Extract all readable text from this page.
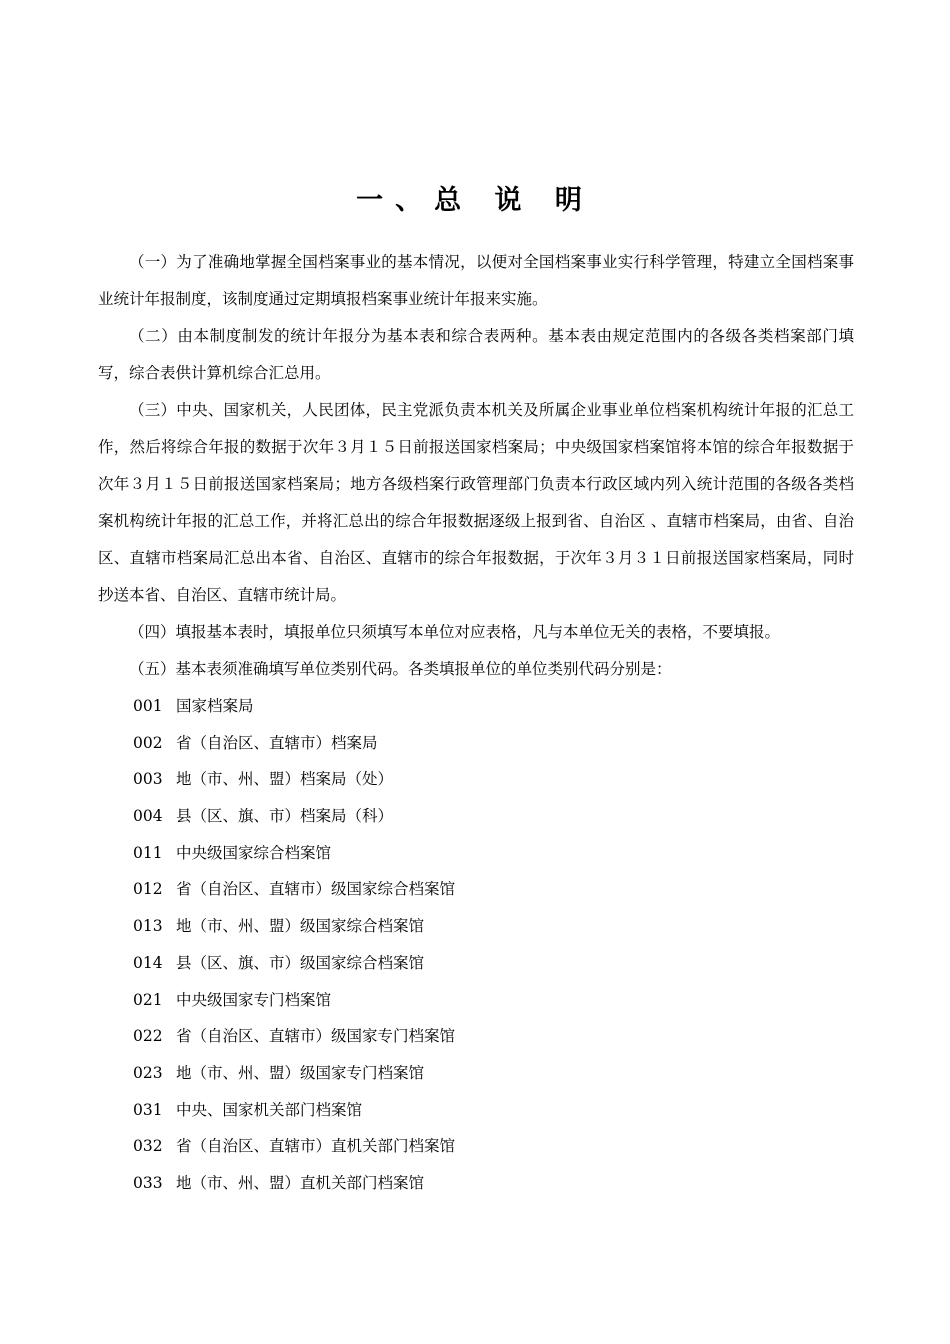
一、总 说 明

（一）为了准确地掌握全国档案事业的基本情况，以便对全国档案事业实行科学管理，特建立全国档案事业统计年报制度，该制度通过定期填报档案事业统计年报来实施。

（二）由本制度制发的统计年报分为基本表和综合表两种。基本表由规定范围内的各级各类档案部门填写，综合表供计算机综合汇总用。

（三）中央、国家机关，人民团体，民主党派负责本机关及所属企业事业单位档案机构统计年报的汇总工作，然后将综合年报的数据于次年３月１５日前报送国家档案局；中央级国家档案馆将本馆的综合年报数据于次年３月１５日前报送国家档案局；地方各级档案行政管理部门负责本行政区域内列入统计范围的各级各类档案机构统计年报的汇总工作，并将汇总出的综合年报数据逐级上报到省、自治区 、直辖市档案局，由省、自治区、直辖市档案局汇总出本省、自治区、直辖市的综合年报数据，于次年３月３１日前报送国家档案局，同时抄送本省、自治区、直辖市统计局。

（四）填报基本表时，填报单位只须填写本单位对应表格，凡与本单位无关的表格，不要填报。

（五）基本表须准确填写单位类别代码。各类填报单位的单位类别代码分别是：

001 国家档案局
002 省（自治区、直辖市）档案局
003 地（市、州、盟）档案局（处）
004 县（区、旗、市）档案局（科）
011 中央级国家综合档案馆
012 省（自治区、直辖市）级国家综合档案馆
013 地（市、州、盟）级国家综合档案馆
014 县（区、旗、市）级国家综合档案馆
021 中央级国家专门档案馆
022 省（自治区、直辖市）级国家专门档案馆
023 地（市、州、盟）级国家专门档案馆
031 中央、国家机关部门档案馆
032 省（自治区、直辖市）直机关部门档案馆
033 地（市、州、盟）直机关部门档案馆
